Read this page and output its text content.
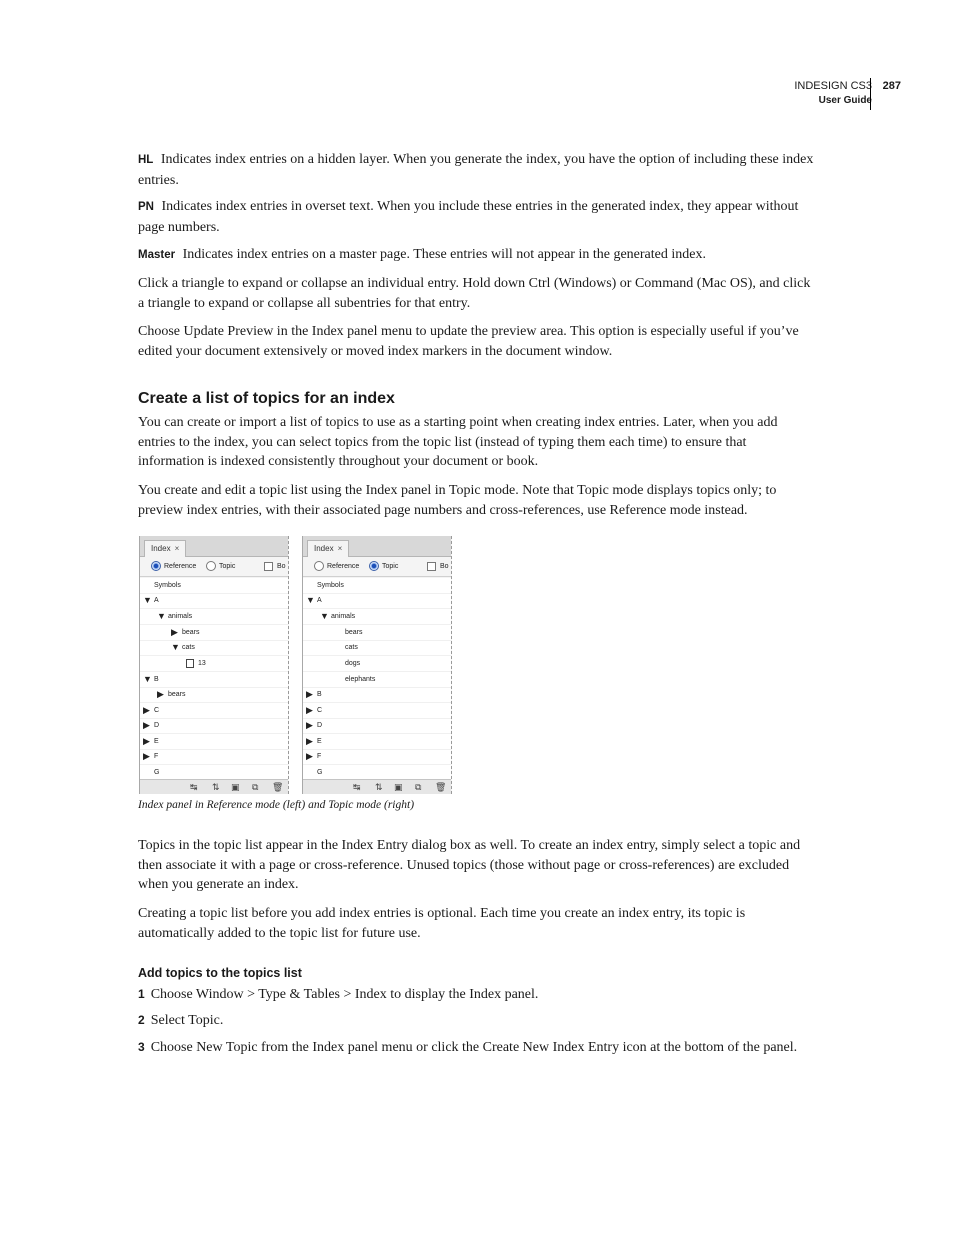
INDESIGN CS3
User Guide
287

HL Indicates index entries on a hidden layer. When you generate the index, you have the option of including these index entries.

PN Indicates index entries in overset text. When you include these entries in the generated index, they appear without page numbers.

Master Indicates index entries on a master page. These entries will not appear in the generated index.

Click a triangle to expand or collapse an individual entry. Hold down Ctrl (Windows) or Command (Mac OS), and click a triangle to expand or collapse all subentries for that entry.

Choose Update Preview in the Index panel menu to update the preview area. This option is especially useful if you’ve edited your document extensively or moved index markers in the document window.

Create a list of topics for an index

You can create or import a list of topics to use as a starting point when creating index entries. Later, when you add entries to the index, you can select topics from the topic list (instead of typing them each time) to ensure that information is indexed consistently throughout your document or book.

You create and edit a topic list using the Index panel in Topic mode. Note that Topic mode displays topics only; to preview index entries, with their associated page numbers and cross-references, use Reference mode instead.

Index ×
Reference	Topic	Bo
Symbols
▼ A
▼ animals
▶ bears
▼ cats
13
▼ B
▶ bears
▶ C
▶ D
▶ E
▶ F
G
↹ ⇅ ▣ ⧉ 🗑
Index ×
Reference	Topic	Bo
Symbols
▼ A
▼ animals
bears
cats
dogs
elephants
▶ B
▶ C
▶ D
▶ E
▶ F
G
↹ ⇅ ▣ ⧉ 🗑
Index panel in Reference mode (left) and Topic mode (right)

Topics in the topic list appear in the Index Entry dialog box as well. To create an index entry, simply select a topic and then associate it with a page or cross-reference. Unused topics (those without page or cross-references) are excluded when you generate an index.

Creating a topic list before you add index entries is optional. Each time you create an index entry, its topic is automatically added to the topic list for future use.

Add topics to the topics list

1 Choose Window > Type & Tables > Index to display the Index panel.

2 Select Topic.

3 Choose New Topic from the Index panel menu or click the Create New Index Entry icon at the bottom of the panel.
